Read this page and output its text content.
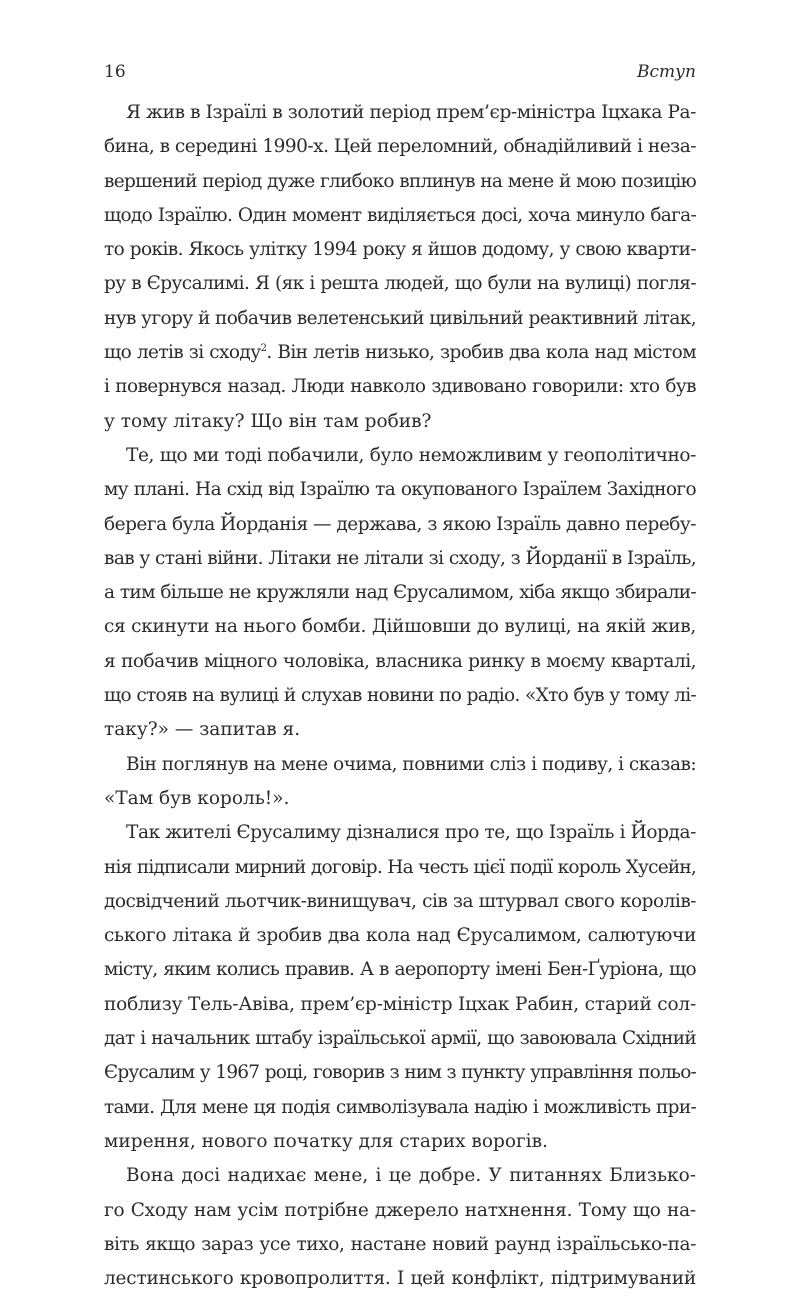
16	Вступ
Я жив в Ізраїлі в золотий період прем’єр-міністра Іцхака Ра-
бина, в середині 1990-х. Цей переломний, обнадійливий і неза-
вершений період дуже глибоко вплинув на мене й мою позицію
щодо Ізраїлю. Один момент виділяється досі, хоча минуло бага-
то років. Якось улітку 1994 року я йшов додому, у свою кварти-
ру в Єрусалимі. Я (як і решта людей, що були на вулиці) погля-
нув угору й побачив велетенський цивільний реактивний літак,
що летів зі сходу$^2$. Він летів низько, зробив два кола над містом
і повернувся назад. Люди навколо здивовано говорили: хто був
у тому літаку? Що він там робив?
Те, що ми тоді побачили, було неможливим у геополітично-
му плані. На схід від Ізраїлю та окупованого Ізраїлем Західного
берега була Йорданія — держава, з якою Ізраїль давно перебу-
вав у стані війни. Літаки не літали зі сходу, з Йорданії в Ізраїль,
а тим більше не кружляли над Єрусалимом, хіба якщо збирали-
ся скинути на нього бомби. Дійшовши до вулиці, на якій жив,
я побачив міцного чоловіка, власника ринку в моєму кварталі,
що стояв на вулиці й слухав новини по радіо. «Хто був у тому лі-
таку?» — запитав я.
Він поглянув на мене очима, повними сліз і подиву, і сказав:
«Там був король!».
Так жителі Єрусалиму дізналися про те, що Ізраїль і Йорда-
нія підписали мирний договір. На честь цієї події король Хусейн,
досвідчений льотчик-винищувач, сів за штурвал свого королів-
ського літака й зробив два кола над Єрусалимом, салютуючи
місту, яким колись правив. А в аеропорту імені Бен-Ґуріона, що
поблизу Тель-Авіва, прем’єр-міністр Іцхак Рабин, старий сол-
дат і начальник штабу ізраїльської армії, що завоювала Східний
Єрусалим у 1967 році, говорив з ним з пункту управління польо-
тами. Для мене ця подія символізувала надію і можливість при-
мирення, нового початку для старих ворогів.
Вона досі надихає мене, і це добре. У питаннях Близько-
го Сходу нам усім потрібне джерело натхнення. Тому що на-
віть якщо зараз усе тихо, настане новий раунд ізраїльсько-па-
лестинського кровопролиття. І цей конфлікт, підтримуваний
